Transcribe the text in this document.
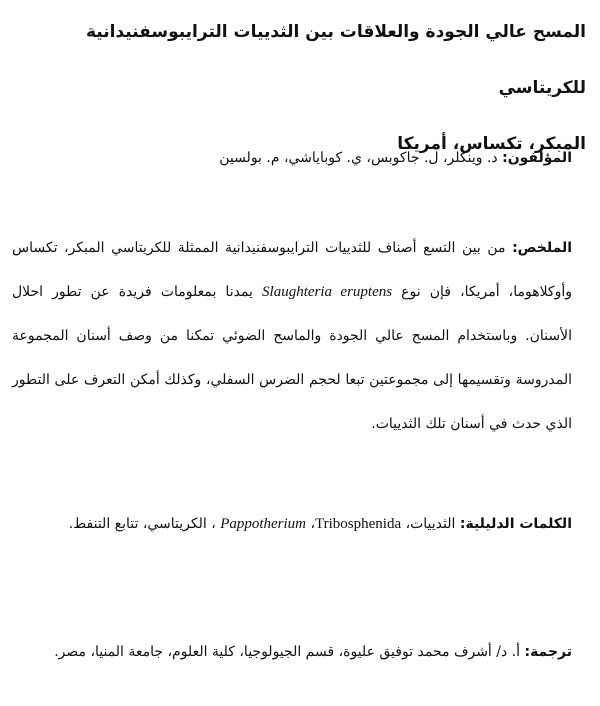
المسح عالي الجودة والعلاقات بين الثدييات الترايبوسفنيدانية للكريتاسي
المبكر، تكساس، أمريكا

المؤلفون: د. وينكلر، ل. جاكوبس، ي. كوباياشي، م. بولسين

الملخص: من بين التسع أصناف للثدييات الترايبوسفنيدانية الممثلة للكريتاسي المبكر، تكساس وأوكلاهوما، أمريكا، فإن نوع Slaughteria eruptens يمدنا بمعلومات فريدة عن تطور احلال الأسنان. وباستخدام المسح عالي الجودة والماسح الضوئي تمكنا من وصف أسنان المجموعة المدروسة وتقسيمها إلى مجموعتين تبعا لحجم الضرس السفلي، وكذلك أمكن التعرف على التطور الذي حدث في أسنان تلك الثدييات.

الكلمات الدليلية: الثدييات، Tribosphenida، Pappotherium ، الكريتاسي، تتابع التنفط.

ترجمة: أ. د/ أشرف محمد توفيق عليوة، قسم الجيولوجيا، كلية العلوم، جامعة المنيا، مصر.
